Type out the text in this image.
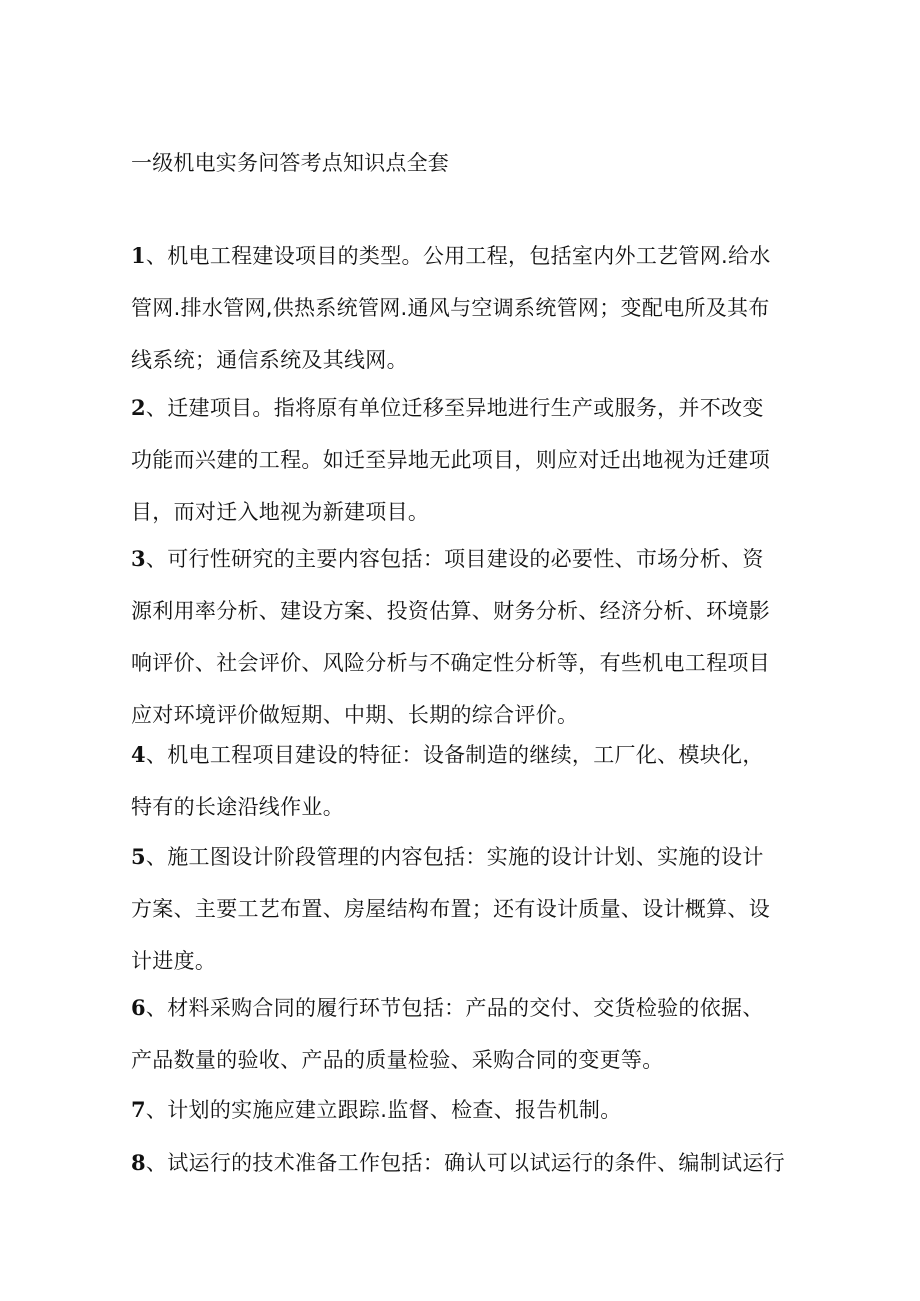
一级机电实务问答考点知识点全套
1、机电工程建设项目的类型。公用工程，包括室内外工艺管网.给水
管网.排水管网,供热系统管网.通风与空调系统管网；变配电所及其布
线系统；通信系统及其线网。
2、迁建项目。指将原有单位迁移至异地进行生产或服务，并不改变
功能而兴建的工程。如迁至异地无此项目，则应对迁出地视为迁建项
目，而对迁入地视为新建项目。
3、可行性研究的主要内容包括：项目建设的必要性、市场分析、资
源利用率分析、建设方案、投资估算、财务分析、经济分析、环境影
响评价、社会评价、风险分析与不确定性分析等，有些机电工程项目
应对环境评价做短期、中期、长期的综合评价。
4、机电工程项目建设的特征：设备制造的继续，工厂化、模块化，
特有的长途沿线作业。
5、施工图设计阶段管理的内容包括：实施的设计计划、实施的设计
方案、主要工艺布置、房屋结构布置；还有设计质量、设计概算、设
计进度。
6、材料采购合同的履行环节包括：产品的交付、交货检验的依据、
产品数量的验收、产品的质量检验、采购合同的变更等。
7、计划的实施应建立跟踪.监督、检查、报告机制。
8、试运行的技术准备工作包括：确认可以试运行的条件、编制试运行
